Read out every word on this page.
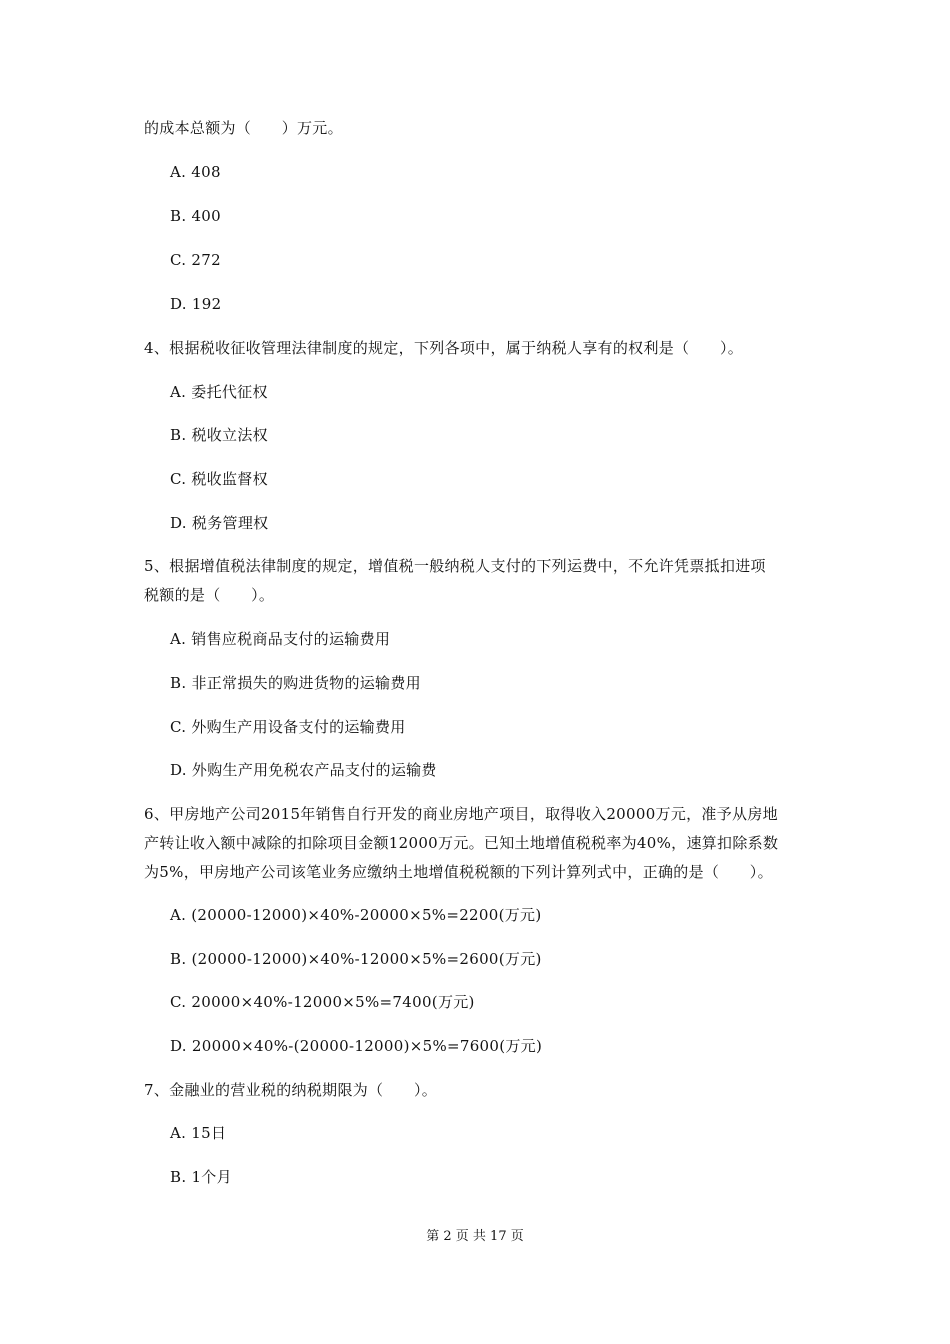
的成本总额为（　　）万元。
A. 408
B. 400
C. 272
D. 192
4、根据税收征收管理法律制度的规定，下列各项中，属于纳税人享有的权利是（　　）。
A. 委托代征权
B. 税收立法权
C. 税收监督权
D. 税务管理权
5、根据增值税法律制度的规定，增值税一般纳税人支付的下列运费中，不允许凭票抵扣进项
税额的是（　　）。
A. 销售应税商品支付的运输费用
B. 非正常损失的购进货物的运输费用
C. 外购生产用设备支付的运输费用
D. 外购生产用免税农产品支付的运输费
6、甲房地产公司2015年销售自行开发的商业房地产项目，取得收入20000万元，准予从房地
产转让收入额中减除的扣除项目金额12000万元。已知土地增值税税率为40%，速算扣除系数
为5%，甲房地产公司该笔业务应缴纳土地增值税税额的下列计算列式中，正确的是（　　）。
A. (20000-12000)×40%-20000×5%=2200(万元)
B. (20000-12000)×40%-12000×5%=2600(万元)
C. 20000×40%-12000×5%=7400(万元)
D. 20000×40%-(20000-12000)×5%=7600(万元)
7、金融业的营业税的纳税期限为（　　）。
A. 15日
B. 1个月
第 2 页 共 17 页
